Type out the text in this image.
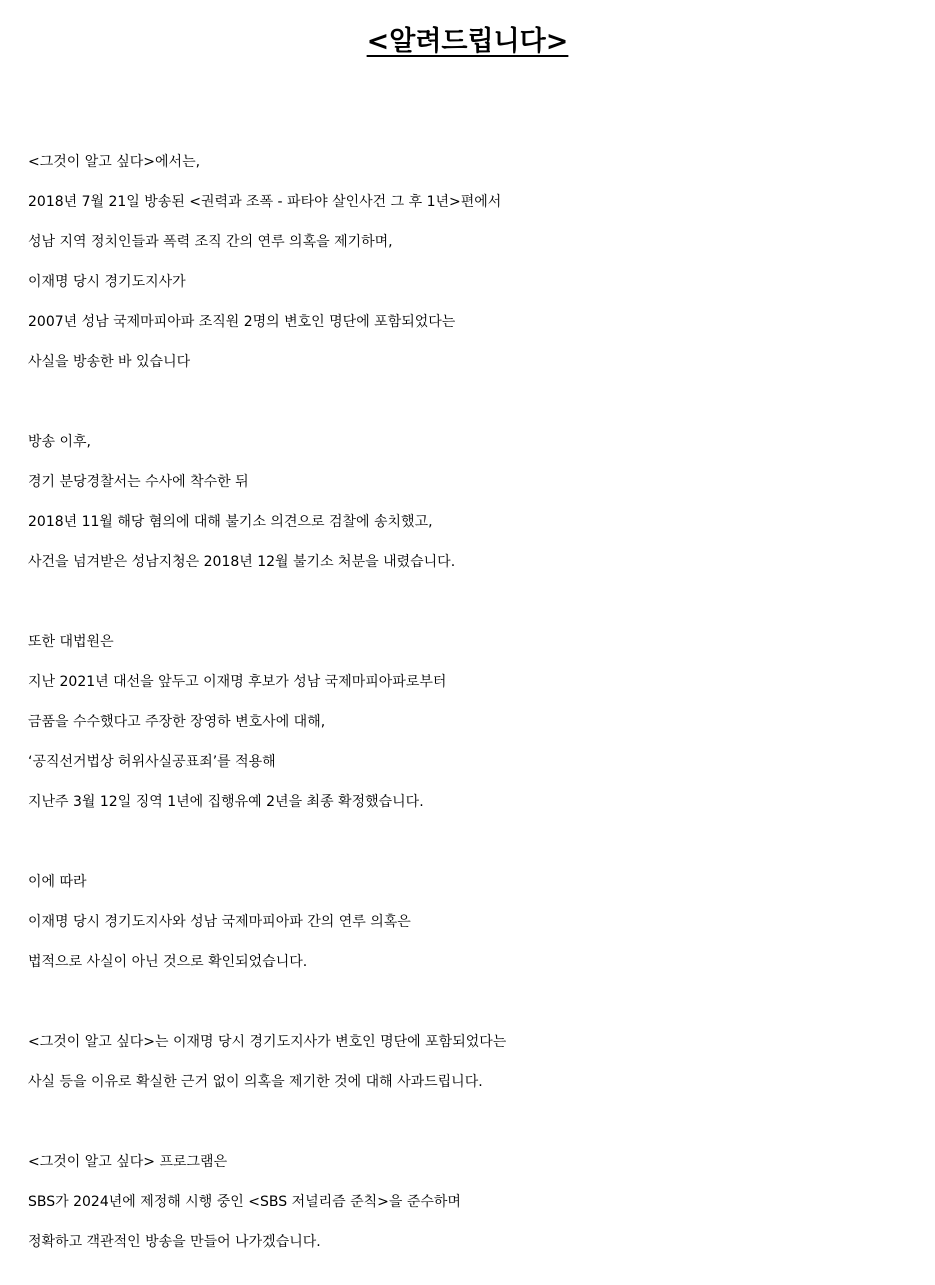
<알려드립니다>
<그것이 알고 싶다>에서는,
2018년 7월 21일 방송된 <권력과 조폭 - 파타야 살인사건 그 후 1년>편에서
성남 지역 정치인들과 폭력 조직 간의 연루 의혹을 제기하며,
이재명 당시 경기도지사가
2007년 성남 국제마피아파 조직원 2명의 변호인 명단에 포함되었다는
사실을 방송한 바 있습니다
방송 이후,
경기 분당경찰서는 수사에 착수한 뒤
2018년 11월 해당 혐의에 대해 불기소 의견으로 검찰에 송치했고,
사건을 넘겨받은 성남지청은 2018년 12월 불기소 처분을 내렸습니다.
또한 대법원은
지난 2021년 대선을 앞두고 이재명 후보가 성남 국제마피아파로부터
금품을 수수했다고 주장한 장영하 변호사에 대해,
‘공직선거법상 허위사실공표죄’를 적용해
지난주 3월 12일 징역 1년에 집행유예 2년을 최종 확정했습니다.
이에 따라
이재명 당시 경기도지사와 성남 국제마피아파 간의 연루 의혹은
법적으로 사실이 아닌 것으로 확인되었습니다.
<그것이 알고 싶다>는 이재명 당시 경기도지사가 변호인 명단에 포함되었다는
사실 등을 이유로 확실한 근거 없이 의혹을 제기한 것에 대해 사과드립니다.
<그것이 알고 싶다> 프로그램은
SBS가 2024년에 제정해 시행 중인 <SBS 저널리즘 준칙>을 준수하며
정확하고 객관적인 방송을 만들어 나가겠습니다.
